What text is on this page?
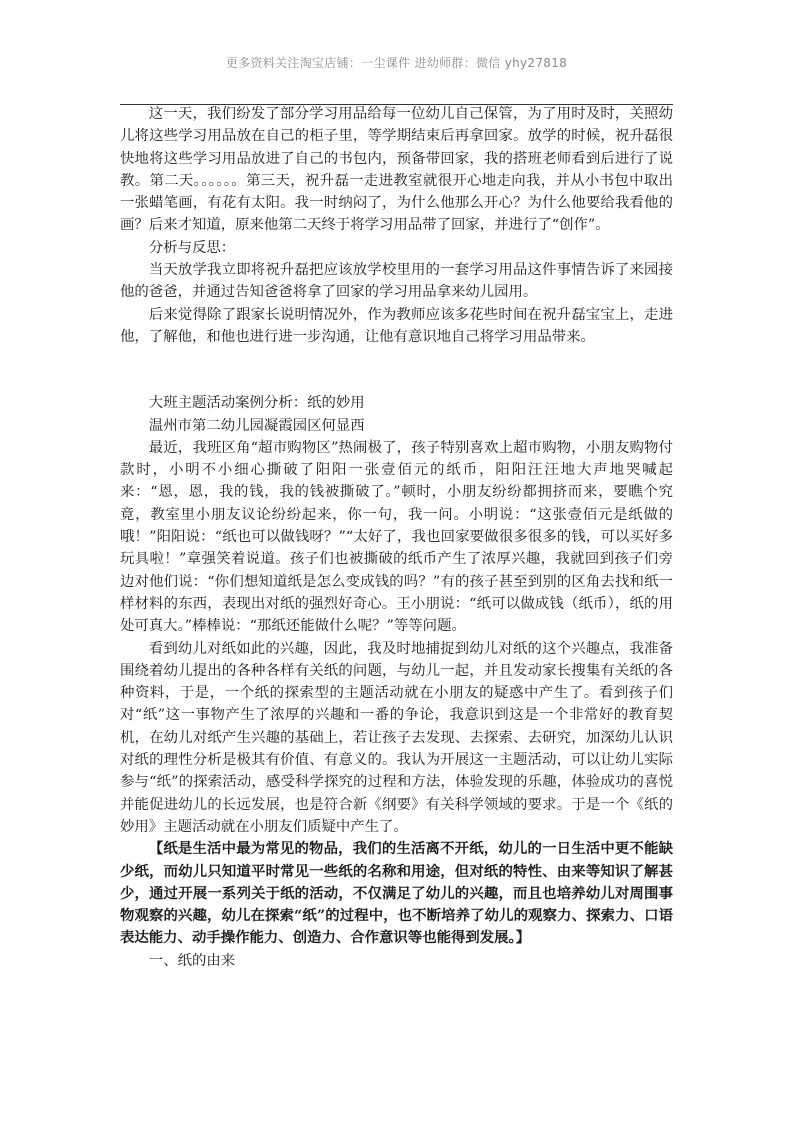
更多资料关注淘宝店铺：一尘课件 进幼师群：微信 yhy27818

这一天，我们纷发了部分学习用品给每一位幼儿自己保管，为了用时及时，关照幼儿将这些学习用品放在自己的柜子里，等学期结束后再拿回家。放学的时候，祝升磊很快地将这些学习用品放进了自己的书包内，预备带回家，我的搭班老师看到后进行了说教。第二天。。。。。。第三天，祝升磊一走进教室就很开心地走向我，并从小书包中取出一张蜡笔画，有花有太阳。我一时纳闷了，为什么他那么开心？为什么他要给我看他的画？后来才知道，原来他第二天终于将学习用品带了回家，并进行了“创作”。

分析与反思：

当天放学我立即将祝升磊把应该放学校里用的一套学习用品这件事情告诉了来园接他的爸爸，并通过告知爸爸将拿了回家的学习用品拿来幼儿园用。

后来觉得除了跟家长说明情况外，作为教师应该多花些时间在祝升磊宝宝上，走进他，了解他，和他也进行进一步沟通，让他有意识地自己将学习用品带来。

大班主题活动案例分析：纸的妙用

温州市第二幼儿园凝霞园区何显西

最近，我班区角“超市购物区”热闹极了，孩子特别喜欢上超市购物，小朋友购物付款时，小明不小细心撕破了阳阳一张壹佰元的纸币，阳阳汪汪地大声地哭喊起来：“恩，恩，我的钱，我的钱被撕破了。”顿时，小朋友纷纷都拥挤而来，要瞧个究竟，教室里小朋友议论纷纷起来，你一句，我一问。小明说：“这张壹佰元是纸做的哦！”阳阳说：“纸也可以做钱呀？”“太好了，我也回家要做很多很多的钱，可以买好多玩具啦！”章强笑着说道。孩子们也被撕破的纸币产生了浓厚兴趣，我就回到孩子们旁边对他们说：“你们想知道纸是怎么变成钱的吗？”有的孩子甚至到别的区角去找和纸一样材料的东西，表现出对纸的强烈好奇心。王小朋说：“纸可以做成钱（纸币），纸的用处可真大。”棒棒说：“那纸还能做什么呢？”等等问题。

看到幼儿对纸如此的兴趣，因此，我及时地捕捉到幼儿对纸的这个兴趣点，我准备围绕着幼儿提出的各种各样有关纸的问题，与幼儿一起，并且发动家长搜集有关纸的各种资料，于是，一个纸的探索型的主题活动就在小朋友的疑惑中产生了。看到孩子们对“纸”这一事物产生了浓厚的兴趣和一番的争论，我意识到这是一个非常好的教育契机，在幼儿对纸产生兴趣的基础上，若让孩子去发现、去探索、去研究，加深幼儿认识对纸的理性分析是极其有价值、有意义的。我认为开展这一主题活动，可以让幼儿实际参与“纸”的探索活动，感受科学探究的过程和方法，体验发现的乐趣，体验成功的喜悦并能促进幼儿的长远发展，也是符合新《纲要》有关科学领域的要求。于是一个《纸的妙用》主题活动就在小朋友们质疑中产生了。

【纸是生活中最为常见的物品，我们的生活离不开纸，幼儿的一日生活中更不能缺少纸，而幼儿只知道平时常见一些纸的名称和用途，但对纸的特性、由来等知识了解甚少，通过开展一系列关于纸的活动，不仅满足了幼儿的兴趣，而且也培养幼儿对周围事物观察的兴趣，幼儿在探索“纸”的过程中，也不断培养了幼儿的观察力、探索力、口语表达能力、动手操作能力、创造力、合作意识等也能得到发展。】

一、纸的由来
